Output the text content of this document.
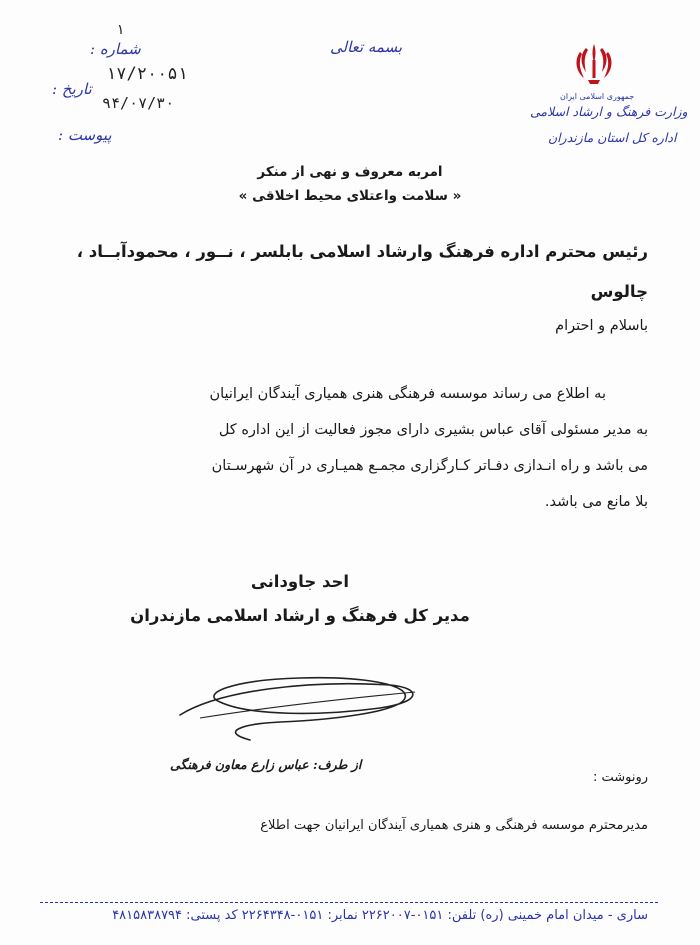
: شماره
۱
۱۷/۲۰۰۵۱
: تاریخ
۹۴/۰۷/۳۰
: پیوست
بسمه تعالی
جمهوری اسلامی ایران
وزارت فرهنگ و ارشاد اسلامی
اداره کل استان مازندران
امربه معروف و نهی از منکر
« سلامت واعتلای محیط اخلاقی »
رئیس محترم اداره فرهنگ وارشاد اسلامی بابلسر ، نــور ، محمودآبــاد ،
چالوس
باسلام و احترام
به اطلاع می رساند موسسه فرهنگی هنری همیاری آیندگان ایرانیان
به مدیر مسئولی آقای عباس بشیری دارای مجوز فعالیت از این اداره کل
می باشد و راه انـدازی دفـاتر کـارگزاری مجمـع همیـاری در آن شهرسـتان
بلا مانع می باشد.
احد جاودانی
مدیر کل فرهنگ و ارشاد اسلامی مازندران
از طرف: عباس زارع معاون فرهنگی
رونوشت :
مدیرمحترم موسسه فرهنگی و هنری همیاری آیندگان ایرانیان جهت اطلاع
ساری - میدان امام خمینی (ره) تلفن: ۰۱۵۱-۲۲۶۲۰۰۷ نمابر: ۰۱۵۱-۲۲۶۴۳۴۸ کد پستی: ۴۸۱۵۸۳۸۷۹۴
